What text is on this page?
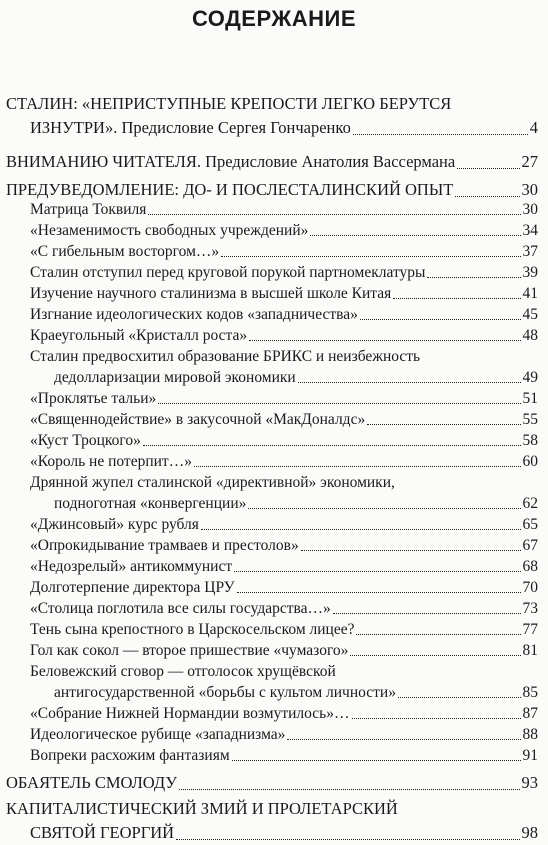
СОДЕРЖАНИЕ
СТАЛИН: «НЕПРИСТУПНЫЕ КРЕПОСТИ ЛЕГКО БЕРУТСЯ
ИЗНУТРИ». Предисловие Сергея Гончаренко	4
ВНИМАНИЮ ЧИТАТЕЛЯ. Предисловие Анатолия Вассермана	27
ПРЕДУВЕДОМЛЕНИЕ: ДО- И ПОСЛЕСТАЛИНСКИЙ ОПЫТ	30
Матрица Токвиля	30
«Незаменимость свободных учреждений»	34
«С гибельным восторгом…»	37
Сталин отступил перед круговой порукой партномеклатуры	39
Изучение научного сталинизма в высшей школе Китая	41
Изгнание идеологических кодов «западничества»	45
Краеугольный «Кристалл роста»	48
Сталин предвосхитил образование БРИКС и неизбежность
дедолларизации мировой экономики	49
«Проклятье тальи»	51
«Священнодействие» в закусочной «МакДоналдс»	55
«Куст Троцкого»	58
«Король не потерпит…»	60
Дрянной жупел сталинской «директивной» экономики,
подноготная «конвергенции»	62
«Джинсовый» курс рубля	65
«Опрокидывание трамваев и престолов»	67
«Недозрелый» антикоммунист	68
Долготерпение директора ЦРУ	70
«Столица поглотила все силы государства…»	73
Тень сына крепостного в Царскосельском лицее?	77
Гол как сокол — второе пришествие «чумазого»	81
Беловежский сговор — отголосок хрущёвской
антигосударственной «борьбы с культом личности»	85
«Собрание Нижней Нормандии возмутилось»…	87
Идеологическое рубище «западнизма»	88
Вопреки расхожим фантазиям	91
ОБАЯТЕЛЬ СМОЛОДУ	93
КАПИТАЛИСТИЧЕСКИЙ ЗМИЙ И ПРОЛЕТАРСКИЙ
СВЯТОЙ ГЕОРГИЙ	98
